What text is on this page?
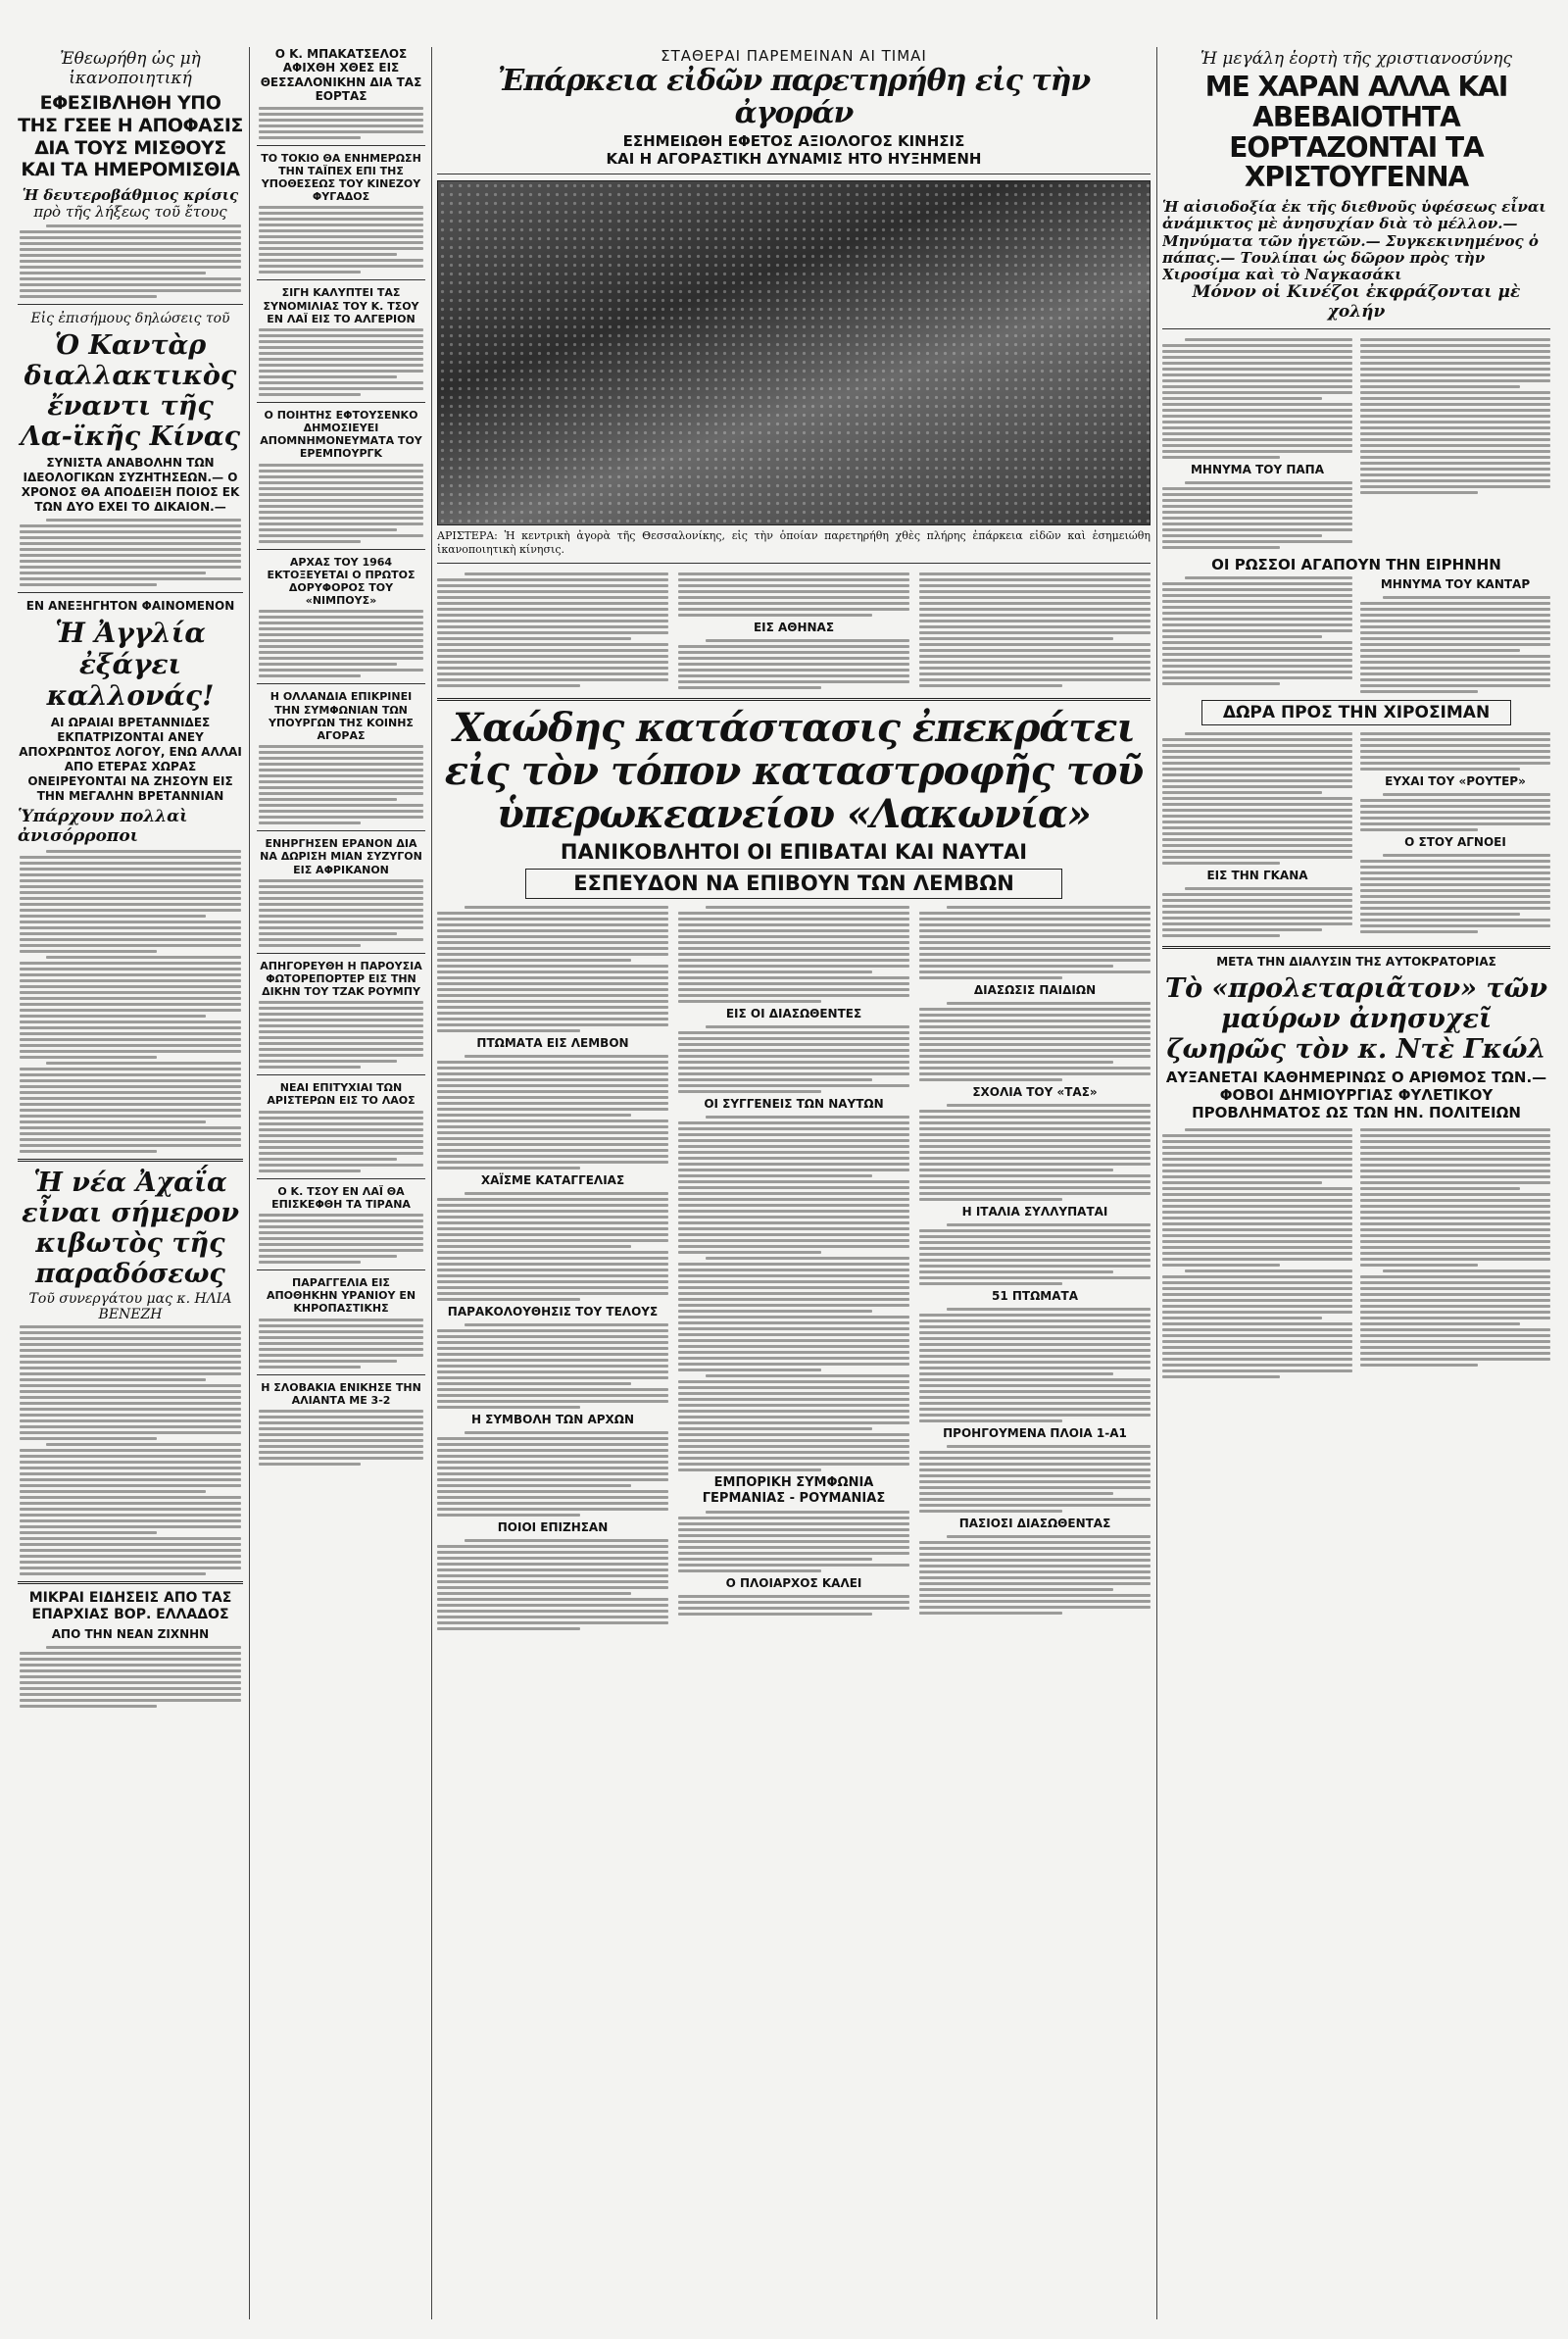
Ἐθεωρήθη ὡς μὴ ἱκανοποιητική
ΕΦΕΣΙΒΛΗΘΗ ΥΠΟ ΤΗΣ ΓΣΕΕ Η ΑΠΟΦΑΣΙΣ ΔΙΑ ΤΟΥΣ ΜΙΣΘΟΥΣ ΚΑΙ ΤΑ ΗΜΕΡΟΜΙΣΘΙΑ
Ἡ δευτεροβάθμιος κρίσις
πρὸ τῆς λήξεως τοῦ ἔτους
Εἰς ἐπισήμους δηλώσεις τοῦ
Ὁ Καντὰρ διαλλακτικὸς ἔναντι τῆς Λα-ϊκῆς Κίνας
ΣΥΝΙΣΤΑ ΑΝΑΒΟΛΗΝ ΤΩΝ ΙΔΕΟΛΟΓΙΚΩΝ ΣΥΖΗΤΗΣΕΩΝ.— Ο ΧΡΟΝΟΣ ΘΑ ΑΠΟΔΕΙΞΗ ΠΟΙΟΣ ΕΚ ΤΩΝ ΔΥΟ ΕΧΕΙ ΤΟ ΔΙΚΑΙΟΝ.—
ΕΝ ΑΝΕΞΗΓΗΤΟΝ ΦΑΙΝΟΜΕΝΟΝ
Ἡ Ἀγγλία ἐξάγει καλλονάς!
ΑΙ ΩΡΑΙΑΙ ΒΡΕΤΑΝΝΙΔΕΣ ΕΚΠΑΤΡΙΖΟΝΤΑΙ ΑΝΕΥ ΑΠΟΧΡΩΝΤΟΣ ΛΟΓΟΥ, ΕΝΩ ΑΛΛΑΙ ΑΠΟ ΕΤΕΡΑΣ ΧΩΡΑΣ ΟΝΕΙΡΕΥΟΝΤΑΙ ΝΑ ΖΗΣΟΥΝ ΕΙΣ ΤΗΝ ΜΕΓΑΛΗΝ ΒΡΕΤΑΝΝΙΑΝ
Ὑπάρχουν πολλαὶ ἀνισόρροποι
Ἡ νέα Ἀχαΐα εἶναι σήμερον κιβωτὸς τῆς παραδόσεως
Τοῦ συνεργάτου μας κ. ΗΛΙΑ ΒΕΝΕΖΗ
ΜΙΚΡΑΙ ΕΙΔΗΣΕΙΣ ΑΠΟ ΤΑΣ ΕΠΑΡΧΙΑΣ ΒΟΡ. ΕΛΛΑΔΟΣ
ΑΠΟ ΤΗΝ ΝΕΑΝ ΖΙΧΝΗΝ
Ο Κ. ΜΠΑΚΑΤΣΕΛΟΣ ΑΦΙΧΘΗ ΧΘΕΣ ΕΙΣ ΘΕΣΣΑΛΟΝΙΚΗΝ ΔΙΑ ΤΑΣ ΕΟΡΤΑΣ
ΤΟ ΤΟΚΙΟ ΘΑ ΕΝΗΜΕΡΩΣΗ ΤΗΝ ΤΑΪΠΕΧ ΕΠΙ ΤΗΣ ΥΠΟΘΕΣΕΩΣ ΤΟΥ ΚΙΝΕΖΟΥ ΦΥΓΑΔΟΣ
ΣΙΓΗ ΚΑΛΥΠΤΕΙ ΤΑΣ ΣΥΝΟΜΙΛΙΑΣ ΤΟΥ Κ. ΤΣΟΥ ΕΝ ΛΑΪ ΕΙΣ ΤΟ ΑΛΓΕΡΙΟΝ
Ο ΠΟΙΗΤΗΣ ΕΦΤΟΥΣΕΝΚΟ ΔΗΜΟΣΙΕΥΕΙ ΑΠΟΜΝΗΜΟΝΕΥΜΑΤΑ ΤΟΥ ΕΡΕΜΠΟΥΡΓΚ
ΑΡΧΑΣ ΤΟΥ 1964 ΕΚΤΟΞΕΥΕΤΑΙ Ο ΠΡΩΤΟΣ ΔΟΡΥΦΟΡΟΣ ΤΟΥ «ΝΙΜΠΟΥΣ»
Η ΟΛΛΑΝΔΙΑ ΕΠΙΚΡΙΝΕΙ ΤΗΝ ΣΥΜΦΩΝΙΑΝ ΤΩΝ ΥΠΟΥΡΓΩΝ ΤΗΣ ΚΟΙΝΗΣ ΑΓΟΡΑΣ
ΕΝΗΡΓΗΣΕΝ ΕΡΑΝΟΝ ΔΙΑ ΝΑ ΔΩΡΙΣΗ ΜΙΑΝ ΣΥΖΥΓΟΝ ΕΙΣ ΑΦΡΙΚΑΝΟΝ
ΑΠΗΓΟΡΕΥΘΗ Η ΠΑΡΟΥΣΙΑ ΦΩΤΟΡΕΠΟΡΤΕΡ ΕΙΣ ΤΗΝ ΔΙΚΗΝ ΤΟΥ ΤΖΑΚ ΡΟΥΜΠΥ
ΝΕΑΙ ΕΠΙΤΥΧΙΑΙ ΤΩΝ ΑΡΙΣΤΕΡΩΝ ΕΙΣ ΤΟ ΛΑΟΣ
Ο Κ. ΤΣΟΥ ΕΝ ΛΑΪ ΘΑ ΕΠΙΣΚΕΦΘΗ ΤΑ ΤΙΡΑΝΑ
ΠΑΡΑΓΓΕΛΙΑ ΕΙΣ ΑΠΟΘΗΚΗΝ ΥΡΑΝΙΟΥ ΕΝ ΚΗΡΟΠΑΣΤΙΚΗΣ
Η ΣΛΟΒΑΚΙΑ ΕΝΙΚΗΣΕ ΤΗΝ ΑΛΙΑΝΤΑ ΜΕ 3-2
ΣΤΑΘΕΡΑΙ ΠΑΡΕΜΕΙΝΑΝ ΑΙ ΤΙΜΑΙ
Ἐπάρκεια εἰδῶν παρετηρήθη εἰς τὴν ἀγοράν
ΕΣΗΜΕΙΩΘΗ ΕΦΕΤΟΣ ΑΞΙΟΛΟΓΟΣ ΚΙΝΗΣΙΣ
ΚΑΙ Η ΑΓΟΡΑΣΤΙΚΗ ΔΥΝΑΜΙΣ ΗΤΟ ΗΥΞΗΜΕΝΗ
ΑΡΙΣΤΕΡΑ: Ἡ κεντρικὴ ἀγορὰ τῆς Θεσσαλονίκης, εἰς τὴν ὁποίαν παρετηρήθη χθὲς πλήρης ἐπάρκεια εἰδῶν καὶ ἐσημειώθη ἱκανοποιητικὴ κίνησις.
ΕΙΣ ΑΘΗΝΑΣ
Χαώδης κατάστασις ἐπεκράτει εἰς τὸν τόπον καταστροφῆς τοῦ ὑπερωκεανείου «Λακωνία»
ΠΑΝΙΚΟΒΛΗΤΟΙ ΟΙ ΕΠΙΒΑΤΑΙ ΚΑΙ ΝΑΥΤΑΙ
ΕΣΠΕΥΔΟΝ ΝΑ ΕΠΙΒΟΥΝ ΤΩΝ ΛΕΜΒΩΝ
ΠΤΩΜΑΤΑ ΕΙΣ ΛΕΜΒΟΝ
ΧΑΪΣΜΕ ΚΑΤΑΓΓΕΛΙΑΣ
ΠΑΡΑΚΟΛΟΥΘΗΣΙΣ ΤΟΥ ΤΕΛΟΥΣ
Η ΣΥΜΒΟΛΗ ΤΩΝ ΑΡΧΩΝ
ΠΟΙΟΙ ΕΠΙΖΗΣΑΝ
ΕΙΣ ΟΙ ΔΙΑΣΩΘΕΝΤΕΣ
ΟΙ ΣΥΓΓΕΝΕΙΣ ΤΩΝ ΝΑΥΤΩΝ
ΕΜΠΟΡΙΚΗ ΣΥΜΦΩΝΙΑ ΓΕΡΜΑΝΙΑΣ - ΡΟΥΜΑΝΙΑΣ
Ο ΠΛΟΙΑΡΧΟΣ ΚΑΛΕΙ
ΔΙΑΣΩΣΙΣ ΠΑΙΔΙΩΝ
ΣΧΟΛΙΑ ΤΟΥ «ΤΑΣ»
Η ΙΤΑΛΙΑ ΣΥΛΛΥΠΑΤΑΙ
51 ΠΤΩΜΑΤΑ
ΠΡΟΗΓΟΥΜΕΝΑ ΠΛΟΙΑ 1-Α1
ΠΑΣΙΟΣΙ ΔΙΑΣΩΘΕΝΤΑΣ
Ἡ μεγάλη ἑορτὴ τῆς χριστιανοσύνης
ΜΕ ΧΑΡΑΝ ΑΛΛΑ ΚΑΙ ΑΒΕΒΑΙΟΤΗΤΑ ΕΟΡΤΑΖΟΝΤΑΙ ΤΑ ΧΡΙΣΤΟΥΓΕΝΝΑ
Ἡ αἰσιοδοξία ἐκ τῆς διεθνοῦς ὑφέσεως εἶναι ἀνάμικτος μὲ ἀνησυχίαν διὰ τὸ μέλλον.— Μηνύματα τῶν ἡγετῶν.— Συγκεκινημένος ὁ πάπας.— Τουλίπαι ὡς δῶρον πρὸς τὴν Χιροσίμα καὶ τὸ Ναγκασάκι
Μόνον οἱ Κινέζοι ἐκφράζονται μὲ χολήν
ΜΗΝΥΜΑ ΤΟΥ ΠΑΠΑ
ΟΙ ΡΩΣΣΟΙ ΑΓΑΠΟΥΝ ΤΗΝ ΕΙΡΗΝΗΝ
ΜΗΝΥΜΑ ΤΟΥ ΚΑΝΤΑΡ
ΔΩΡΑ ΠΡΟΣ ΤΗΝ ΧΙΡΟΣΙΜΑΝ
ΕΙΣ ΤΗΝ ΓΚΑΝΑ
ΕΥΧΑΙ ΤΟΥ «ΡΟΥΤΕΡ»
Ο ΣΤΟΥ ΑΓΝΟΕΙ
ΜΕΤΑ ΤΗΝ ΔΙΑΛΥΣΙΝ ΤΗΣ ΑΥΤΟΚΡΑΤΟΡΙΑΣ
Τὸ «προλεταριᾶτον» τῶν μαύρων ἀνησυχεῖ ζωηρῶς τὸν κ. Ντὲ Γκώλ
ΑΥΞΑΝΕΤΑΙ ΚΑΘΗΜΕΡΙΝΩΣ Ο ΑΡΙΘΜΟΣ ΤΩΝ.— ΦΟΒΟΙ ΔΗΜΙΟΥΡΓΙΑΣ ΦΥΛΕΤΙΚΟΥ ΠΡΟΒΛΗΜΑΤΟΣ ΩΣ ΤΩΝ ΗΝ. ΠΟΛΙΤΕΙΩΝ
